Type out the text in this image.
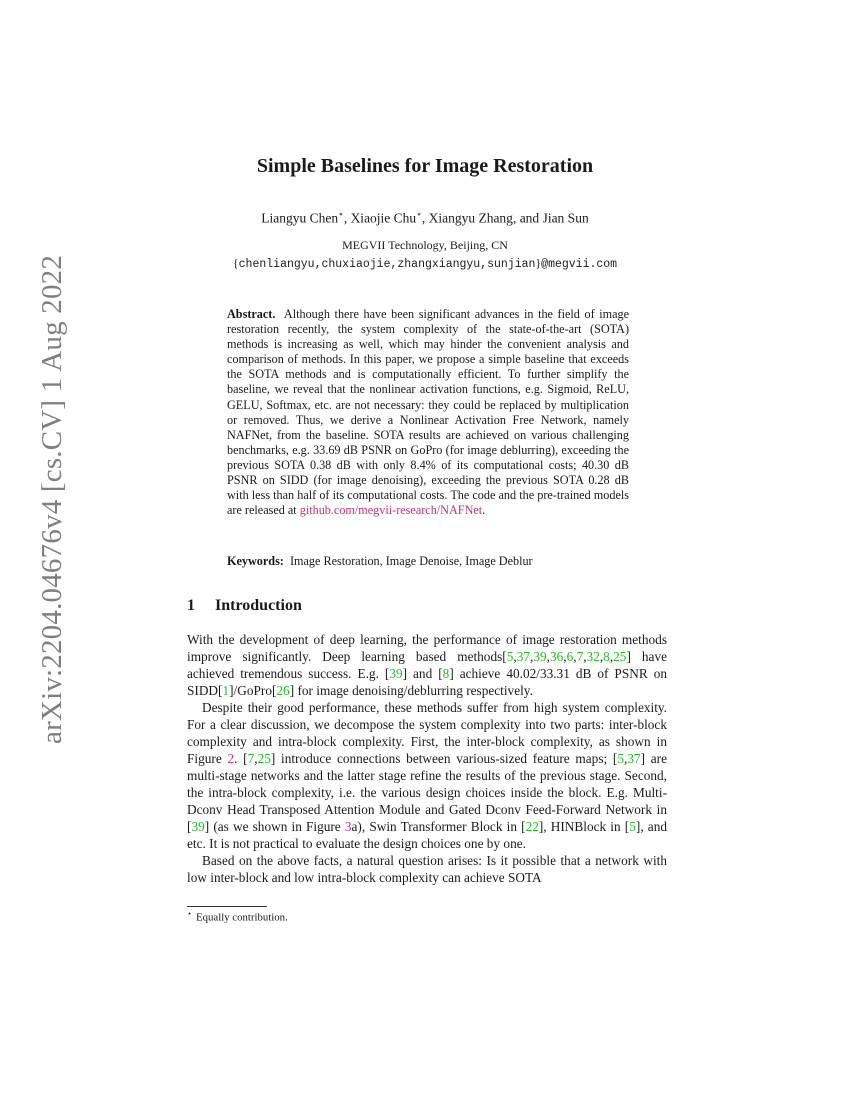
arXiv:2204.04676v4 [cs.CV] 1 Aug 2022
Simple Baselines for Image Restoration
Liangyu Chen⋆, Xiaojie Chu⋆, Xiangyu Zhang, and Jian Sun
MEGVII Technology, Beijing, CN
{chenliangyu,chuxiaojie,zhangxiangyu,sunjian}@megvii.com

Abstract. Although there have been significant advances in the field of image restoration recently, the system complexity of the state-of-the-art (SOTA) methods is increasing as well, which may hinder the convenient analysis and comparison of methods. In this paper, we propose a simple baseline that exceeds the SOTA methods and is computationally efficient. To further simplify the baseline, we reveal that the nonlinear activation functions, e.g. Sigmoid, ReLU, GELU, Softmax, etc. are not necessary: they could be replaced by multiplication or removed. Thus, we derive a Nonlinear Activation Free Network, namely NAFNet, from the baseline. SOTA results are achieved on various challenging benchmarks, e.g. 33.69 dB PSNR on GoPro (for image deblurring), exceeding the previous SOTA 0.38 dB with only 8.4% of its computational costs; 40.30 dB PSNR on SIDD (for image denoising), exceeding the previous SOTA 0.28 dB with less than half of its computational costs. The code and the pre-trained models are released at github.com/megvii-research/NAFNet.

Keywords: Image Restoration, Image Denoise, Image Deblur

1 Introduction

With the development of deep learning, the performance of image restoration methods improve significantly. Deep learning based methods[5,37,39,36,6,7,32,8,25] have achieved tremendous success. E.g. [39] and [8] achieve 40.02/33.31 dB of PSNR on SIDD[1]/GoPro[26] for image denoising/deblurring respectively.

Despite their good performance, these methods suffer from high system complexity. For a clear discussion, we decompose the system complexity into two parts: inter-block complexity and intra-block complexity. First, the inter-block complexity, as shown in Figure 2. [7,25] introduce connections between various-sized feature maps; [5,37] are multi-stage networks and the latter stage refine the results of the previous stage. Second, the intra-block complexity, i.e. the various design choices inside the block. E.g. Multi-Dconv Head Transposed Attention Module and Gated Dconv Feed-Forward Network in [39] (as we shown in Figure 3a), Swin Transformer Block in [22], HINBlock in [5], and etc. It is not practical to evaluate the design choices one by one.

Based on the above facts, a natural question arises: Is it possible that a network with low inter-block and low intra-block complexity can achieve SOTA

⋆ Equally contribution.
